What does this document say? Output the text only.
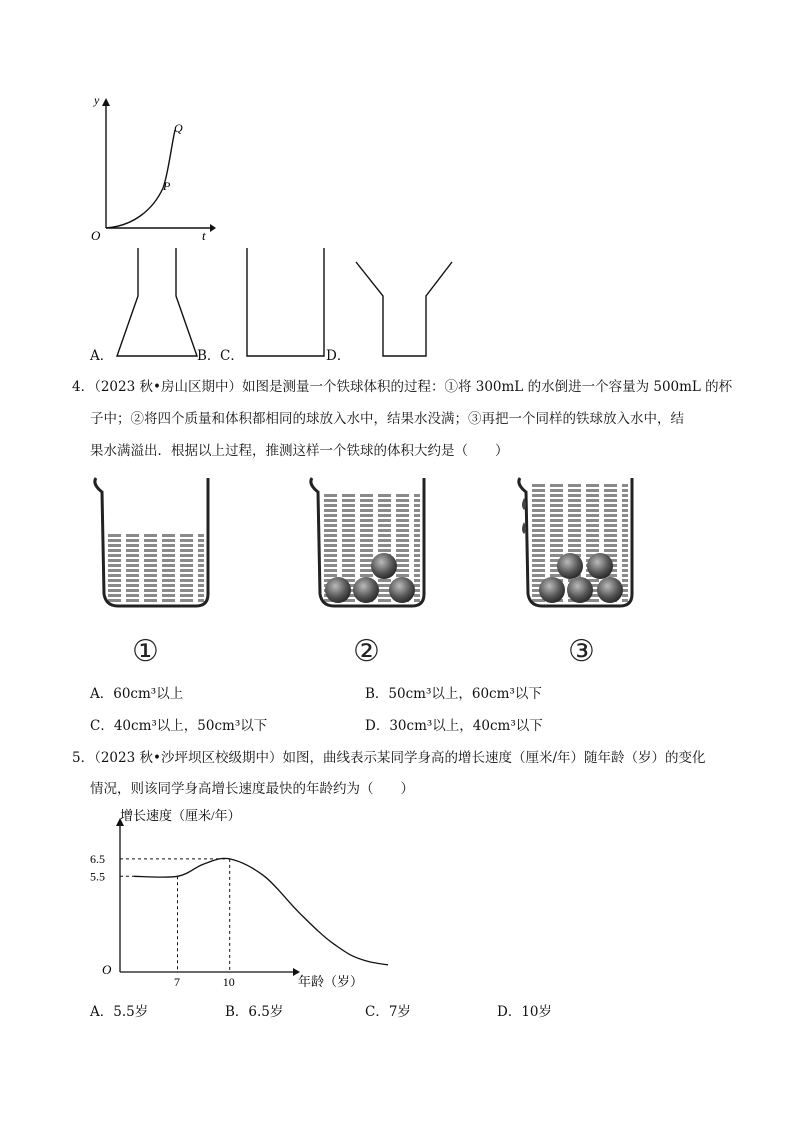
y
t
O
P
Q
A．	B． C．	D．
4．（2023 秋•房山区期中）如图是测量一个铁球体积的过程：①将 300mL 的水倒进一个容量为 500mL 的杯
子中；②将四个质量和体积都相同的球放入水中，结果水没满；③再把一个同样的铁球放入水中，结
果水满溢出．根据以上过程，推测这样一个铁球的体积大约是（　　）
①	②	③
A．60cm³以上	B．50cm³以上，60cm³以下
C．40cm³以上，50cm³以下	D．30cm³以上，40cm³以下
5．（2023 秋•沙坪坝区校级期中）如图，曲线表示某同学身高的增长速度（厘米/年）随年龄（岁）的变化
情况，则该同学身高增长速度最快的年龄约为（　　）
增长速度（厘米/年）
年龄（岁）
O
7	10
5.5
6.5
A．5.5岁	B．6.5岁	C．7岁	D．10岁
